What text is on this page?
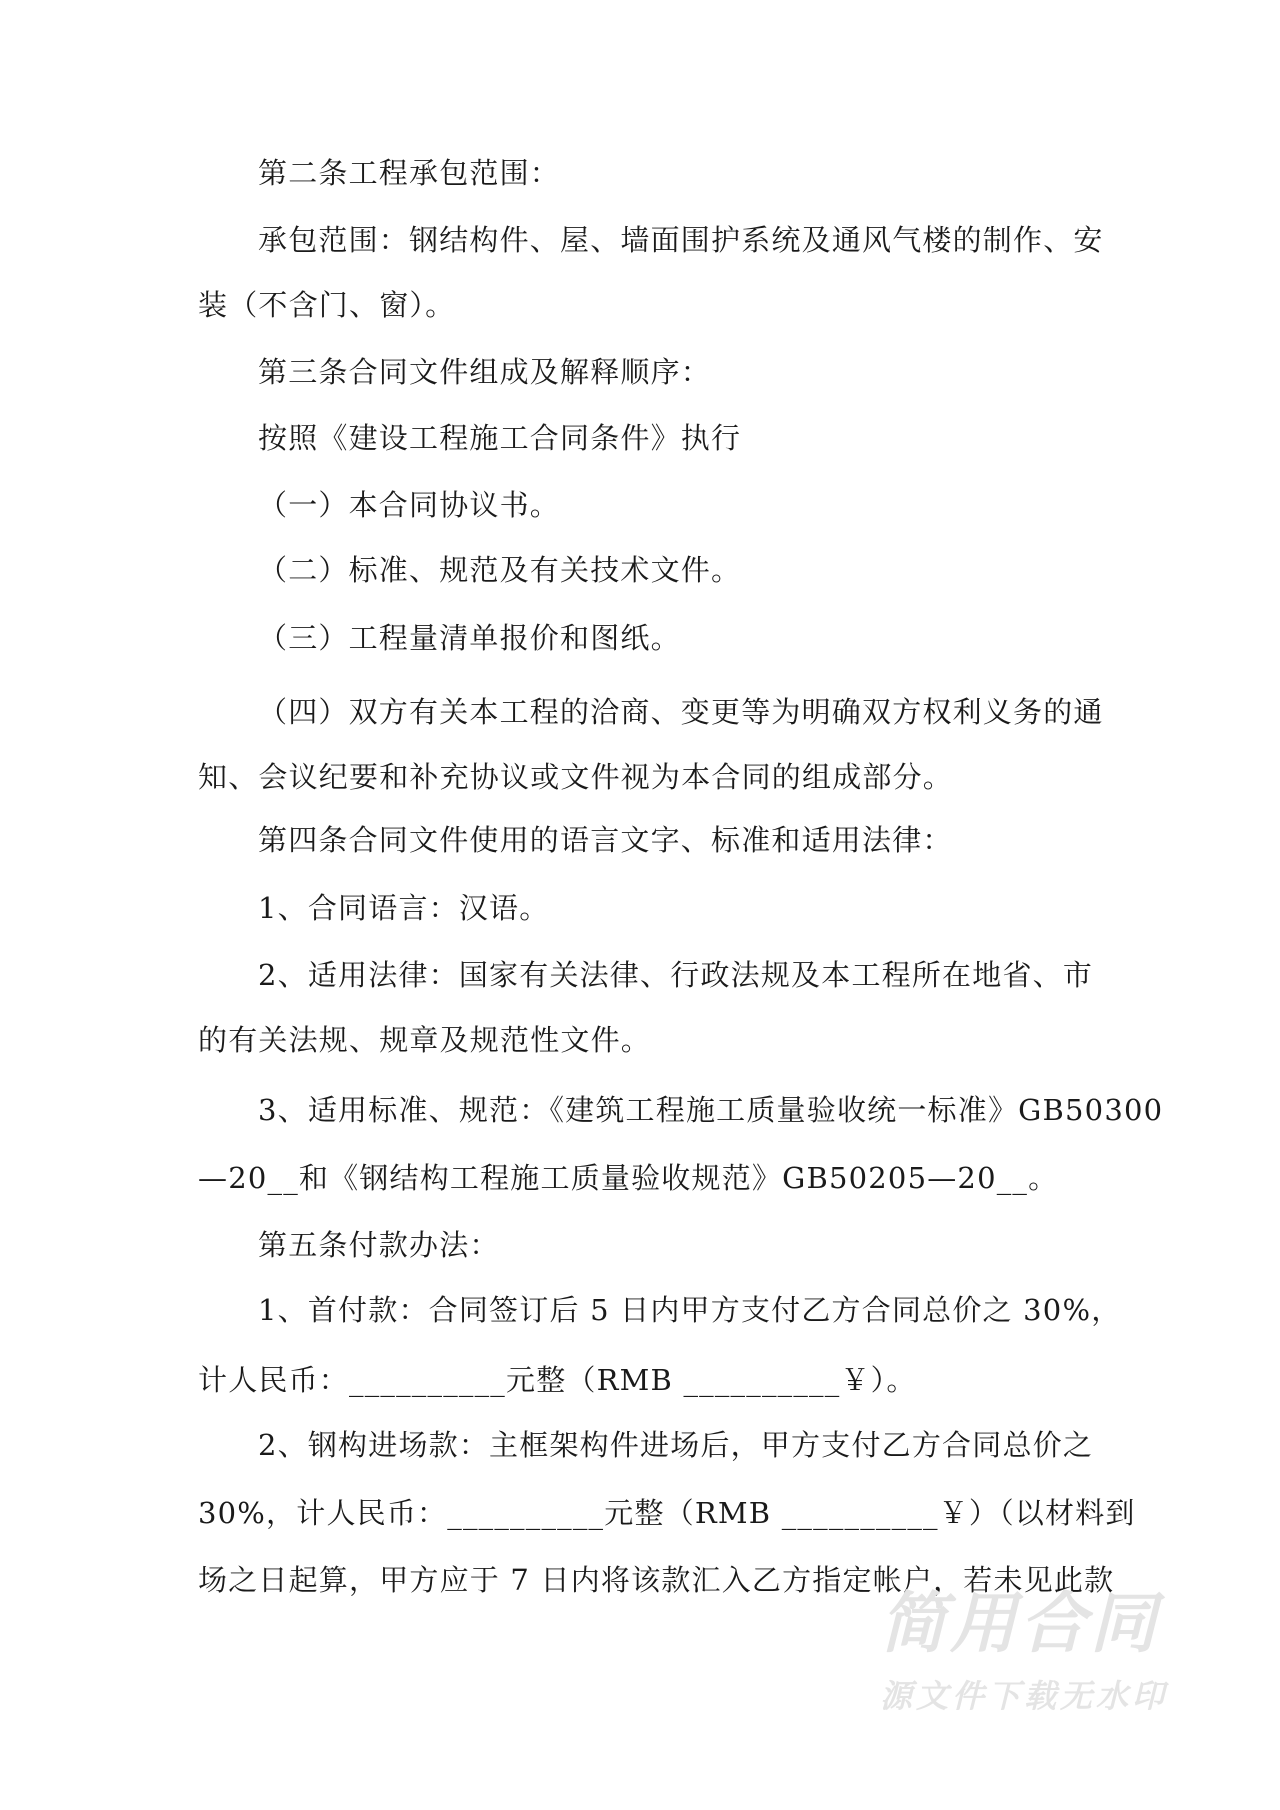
第二条工程承包范围：
承包范围：钢结构件、屋、墙面围护系统及通风气楼的制作、安
装（不含门、窗）。
第三条合同文件组成及解释顺序：
按照《建设工程施工合同条件》执行
（一）本合同协议书。
（二）标准、规范及有关技术文件。
（三）工程量清单报价和图纸。
（四）双方有关本工程的洽商、变更等为明确双方权利义务的通
知、会议纪要和补充协议或文件视为本合同的组成部分。
第四条合同文件使用的语言文字、标准和适用法律：
1、合同语言：汉语。
2、适用法律：国家有关法律、行政法规及本工程所在地省、市
的有关法规、规章及规范性文件。
3、适用标准、规范：《建筑工程施工质量验收统一标准》GB50300
—20__和《钢结构工程施工质量验收规范》GB50205—20__。
第五条付款办法：
1、首付款：合同签订后 5 日内甲方支付乙方合同总价之 30%，
计人民币：__________元整（RMB __________￥）。
2、钢构进场款：主框架构件进场后，甲方支付乙方合同总价之
30%，计人民币：__________元整（RMB __________￥）（以材料到
场之日起算，甲方应于 7 日内将该款汇入乙方指定帐户，若未见此款
简用合同
源文件下载无水印
